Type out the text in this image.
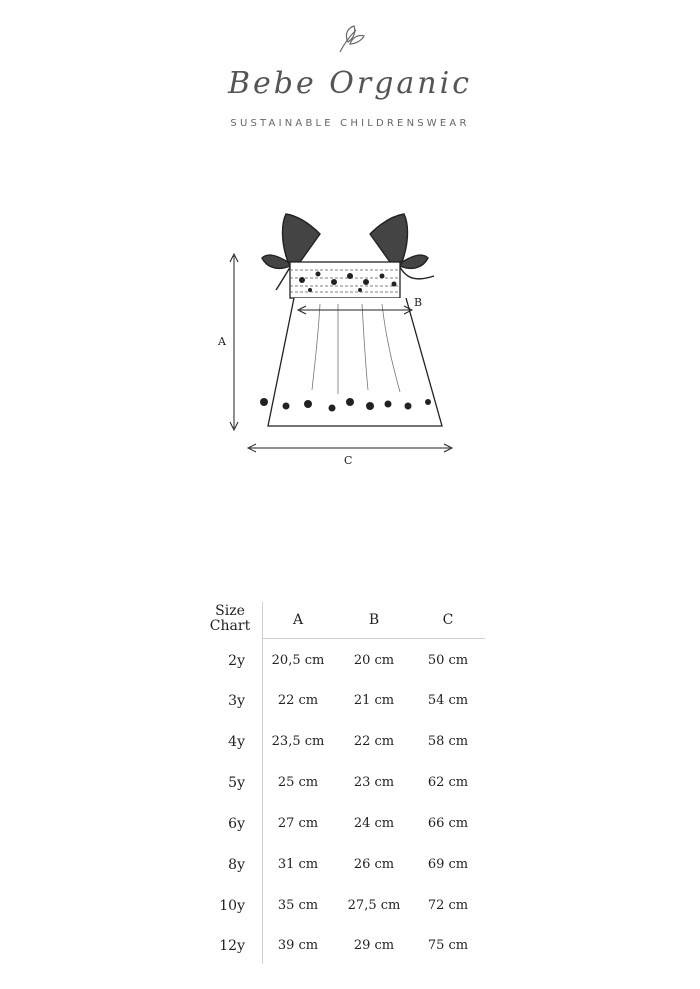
Bebe Organic
SUSTAINABLE CHILDRENSWEAR
A
B
C
Size
Chart	A	B	C
2y	20,5 cm	20 cm	50 cm
3y	22 cm	21 cm	54 cm
4y	23,5 cm	22 cm	58 cm
5y	25 cm	23 cm	62 cm
6y	27 cm	24 cm	66 cm
8y	31 cm	26 cm	69 cm
10y	35 cm	27,5 cm	72 cm
12y	39 cm	29 cm	75 cm
